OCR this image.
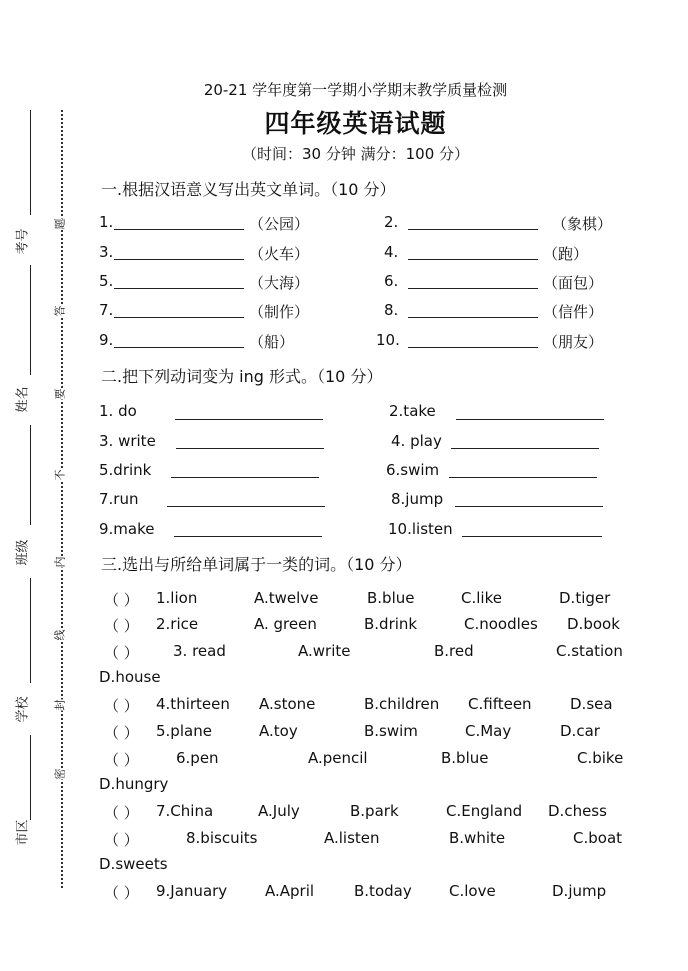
考号
姓名
班级
学校
市区
题
答
要
不
内
线
封
密
20-21 学年度第一学期小学期末教学质量检测
四年级英语试题
（时间：30 分钟 满分：100 分）
一.根据汉语意义写出英文单词。（10 分）
1.	（公园）	2.	（象棋）
3.	（火车）	4.	（跑）
5.	（大海）	6.	（面包）
7.	（制作）	8.	（信件）
9.	（船）	10.	（朋友）
二.把下列动词变为 ing 形式。（10 分）
1. do	2.take
3. write	4. play
5.drink	6.swim
7.run	8.jump
9.make	10.listen
三.选出与所给单词属于一类的词。（10 分）
（ ） 1.lion	A.twelve	B.blue	C.like	D.tiger
（ ） 2.rice	A. green	B.drink	C.noodles D.book
（ ） 3. read	A.write	B.red	C.station
D.house
（ ） 4.thirteen A.stone	B.children C.fifteen	D.sea
（ ） 5.plane	A.toy	B.swim	C.May	D.car
（ ） 6.pen	A.pencil	B.blue	C.bike
D.hungry
（ ） 7.China	A.July	B.park	C.England D.chess
（ ）	8.biscuits	A.listen	B.white	C.boat
D.sweets
（ ） 9.January	A.April	B.today C.love	D.jump
